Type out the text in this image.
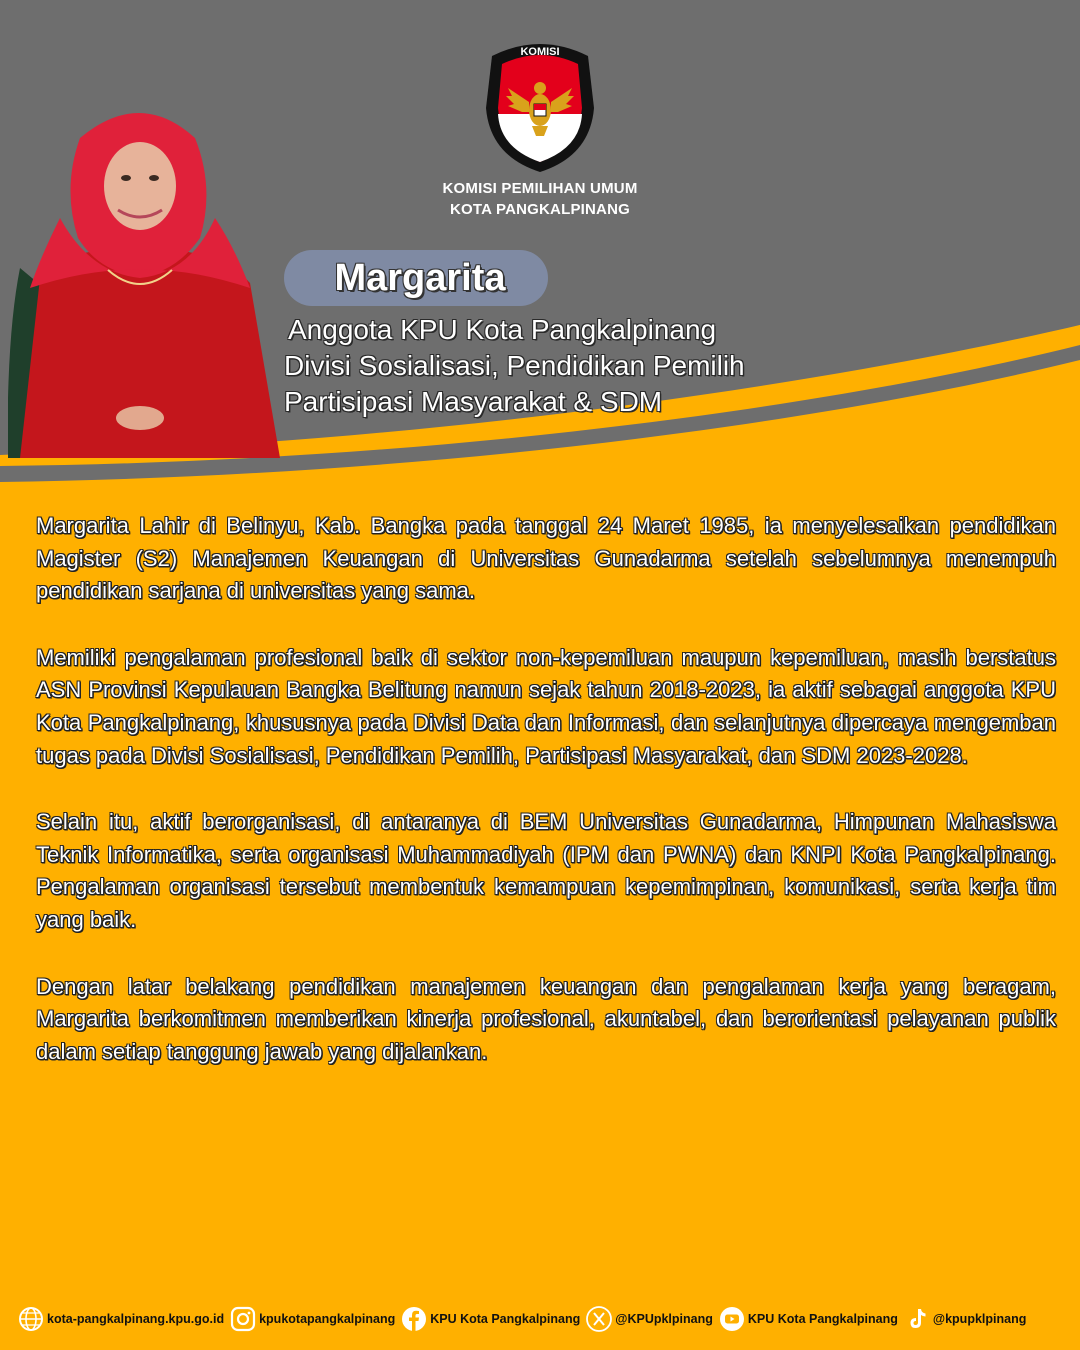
KOMISI
KOMISI PEMILIHAN UMUM
KOTA PANGKALPINANG
Margarita
Anggota KPU Kota Pangkalpinang
Divisi Sosialisasi, Pendidikan Pemilih
Partisipasi Masyarakat & SDM

Margarita Lahir di Belinyu, Kab. Bangka pada tanggal 24 Maret 1985, ia menyelesaikan pendidikan Magister (S2) Manajemen Keuangan di Universitas Gunadarma setelah sebelumnya menempuh pendidikan sarjana di universitas yang sama.

Memiliki pengalaman profesional baik di sektor non-kepemiluan maupun kepemiluan, masih berstatus ASN Provinsi Kepulauan Bangka Belitung namun sejak tahun 2018-2023, ia aktif sebagai anggota KPU Kota Pangkalpinang, khususnya pada Divisi Data dan Informasi, dan selanjutnya dipercaya mengemban tugas pada Divisi Sosialisasi, Pendidikan Pemilih, Partisipasi Masyarakat, dan SDM 2023-2028.

Selain itu, aktif berorganisasi, di antaranya di BEM Universitas Gunadarma, Himpunan Mahasiswa Teknik Informatika, serta organisasi Muhammadiyah (IPM dan PWNA) dan KNPI Kota Pangkalpinang. Pengalaman organisasi tersebut membentuk kemampuan kepemimpinan, komunikasi, serta kerja tim yang baik.

Dengan latar belakang pendidikan manajemen keuangan dan pengalaman kerja yang beragam, Margarita berkomitmen memberikan kinerja profesional, akuntabel, dan berorientasi pelayanan publik dalam setiap tanggung jawab yang dijalankan.

kota-pangkalpinang.kpu.go.id	kpukotapangkalpinang	KPU Kota Pangkalpinang	@KPUpklpinang	KPU Kota Pangkalpinang	@kpupklpinang
